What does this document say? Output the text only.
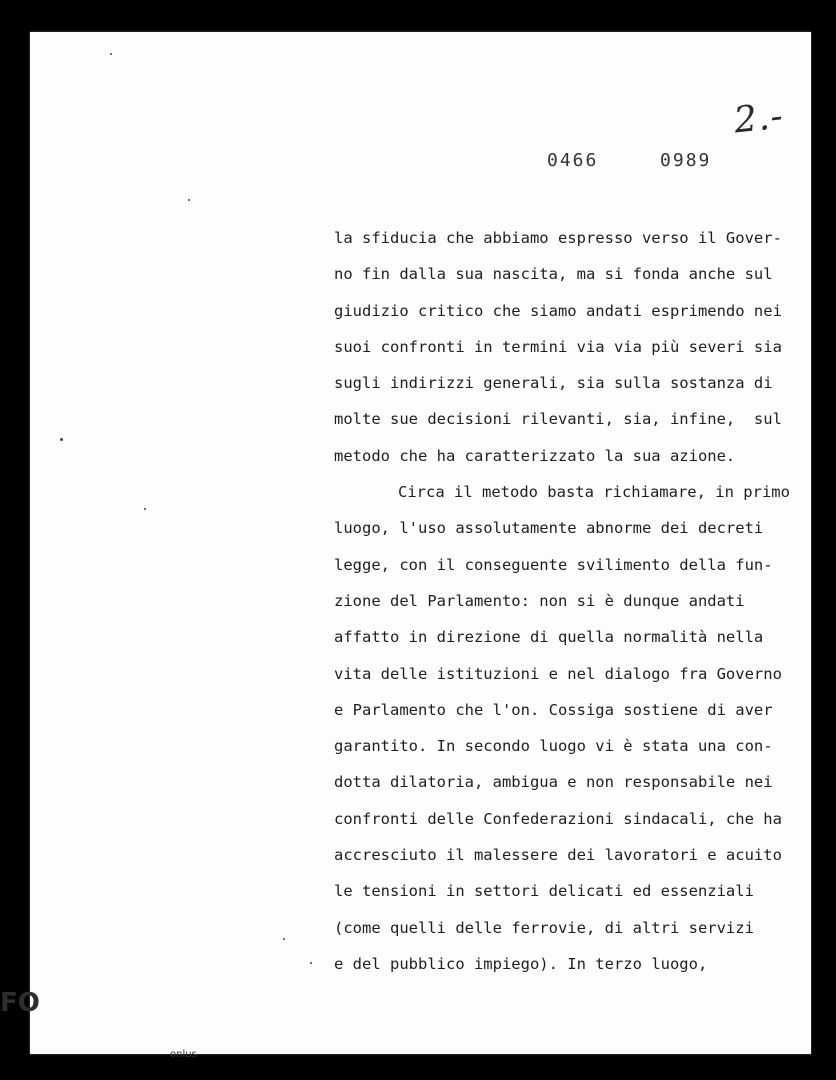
2.-
0466  0989
la sfiducia che abbiamo espresso verso il Gover-
no fin dalla sua nascita, ma si fonda anche sul
giudizio critico che siamo andati esprimendo nei
suoi confronti in termini via via più severi sia
sugli indirizzi generali, sia sulla sostanza di
molte sue decisioni rilevanti, sia, infine,  sul
metodo che ha caratterizzato la sua azione.
Circa il metodo basta richiamare, in primo
luogo, l'uso assolutamente abnorme dei decreti
legge, con il conseguente svilimento della fun-
zione del Parlamento: non si è dunque andati
affatto in direzione di quella normalità nella
vita delle istituzioni e nel dialogo fra Governo
e Parlamento che l'on. Cossiga sostiene di aver
garantito. In secondo luogo vi è stata una con-
dotta dilatoria, ambigua e non responsabile nei
confronti delle Confederazioni sindacali, che ha
accresciuto il malessere dei lavoratori e acuito
le tensioni in settori delicati ed essenziali
(come quelli delle ferrovie, di altri servizi
e del pubblico impiego). In terzo luogo,
FO
onlus
